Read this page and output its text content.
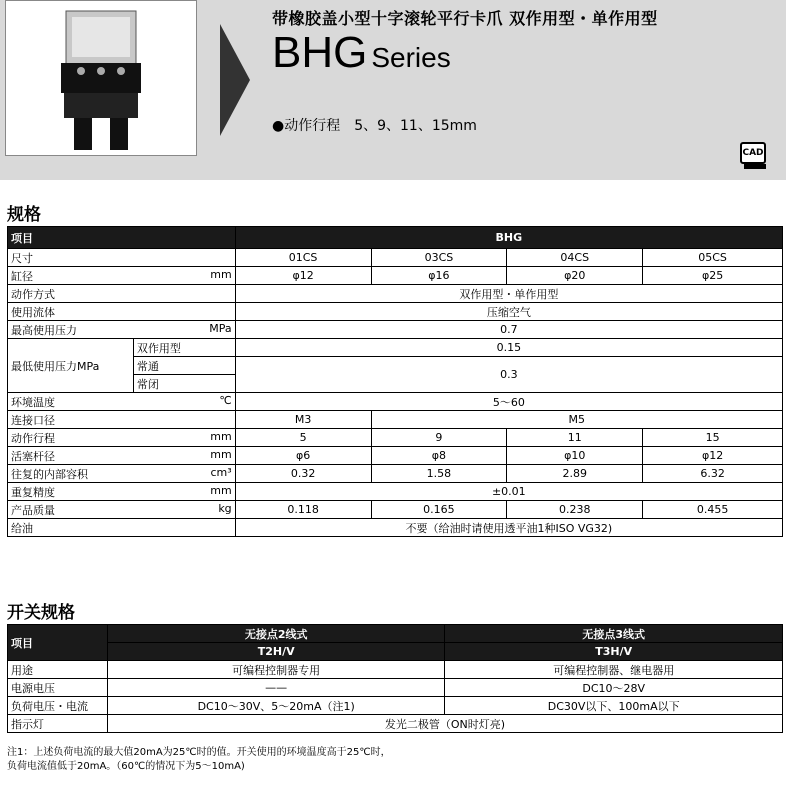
带橡胶盖小型十字滚轮平行卡爪 双作用型・单作用型
BHG Series
●动作行程　5、9、11、15mm
CAD
规格
项目		BHG			
尺寸		01CS	03CS	04CS	05CS
缸径 mm		φ12	φ16	φ20	φ25
动作方式		双作用型・单作用型			
使用流体		压缩空气			
最高使用压力 MPa		0.7			
最低使用压力MPa	双作用型	0.15			
	常通	0.3			
	常闭				
环境温度 ℃		5～60			
连接口径		M3	M5		
动作行程 mm		5	9	11	15
活塞杆径 mm		φ6	φ8	φ10	φ12
往复的内部容积 cm³		0.32	1.58	2.89	6.32
重复精度 mm		±0.01			
产品质量 kg		0.118	0.165	0.238	0.455
给油		不要（给油时请使用透平油1种ISO VG32)			
开关规格
项目	无接点2线式	无接点3线式
	T2H/V	T3H/V
用途	可编程控制器专用	可编程控制器、继电器用
电源电压	——	DC10～28V
负荷电压・电流	DC10～30V、5～20mA（注1)	DC30V以下、100mA以下
指示灯	发光二极管（ON时灯亮)	
注1：上述负荷电流的最大值20mA为25℃时的值。开关使用的环境温度高于25℃时，
负荷电流值低于20mA。（60℃的情况下为5～10mA)
